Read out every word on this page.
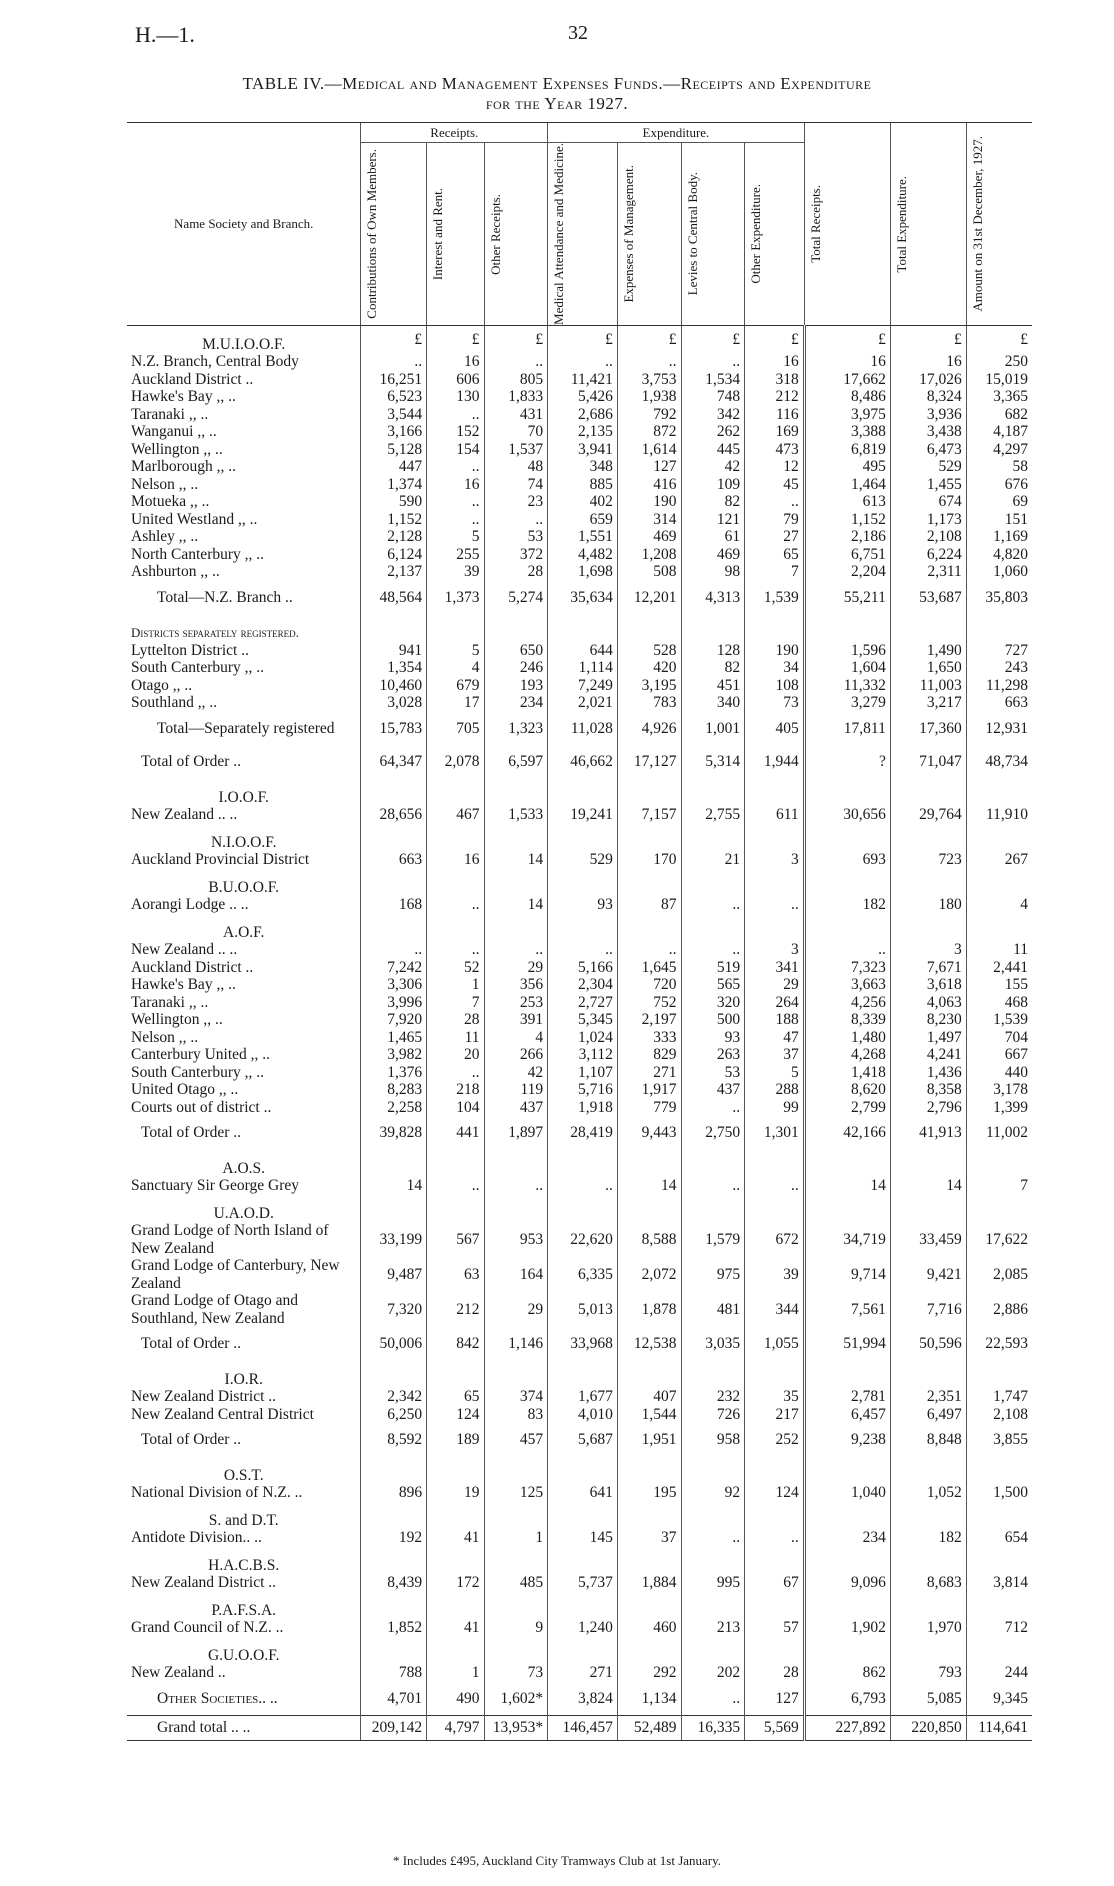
H.—1.	32
TABLE IV.—Medical and Management Expenses Funds.—Receipts and Expenditure
for the Year 1927.
Name Society and Branch.	Receipts.			Expenditure.				Total Receipts.	Total Expenditure.	Amount on 31st December, 1927.

	Contributions of Own Members.	Interest and Rent.	Other Receipts.	Medical Attendance and Medicine.	Expenses of Management.	Levies to Central Body.	Other Expenditure.			

M.U.I.O.O.F.	£	£	£	£	£	£	£	£	£	£
N.Z. Branch, Central Body	..	16	..	..	..	..	16	16	16	250
Auckland District ..	16,251	606	805	11,421	3,753	1,534	318	17,662	17,026	15,019
Hawke's Bay ,, ..	6,523	130	1,833	5,426	1,938	748	212	8,486	8,324	3,365
Taranaki ,, ..	3,544	..	431	2,686	792	342	116	3,975	3,936	682
Wanganui ,, ..	3,166	152	70	2,135	872	262	169	3,388	3,438	4,187
Wellington ,, ..	5,128	154	1,537	3,941	1,614	445	473	6,819	6,473	4,297
Marlborough ,, ..	447	..	48	348	127	42	12	495	529	58
Nelson ,, ..	1,374	16	74	885	416	109	45	1,464	1,455	676
Motueka ,, ..	590	..	23	402	190	82	..	613	674	69
United Westland ,, ..	1,152	..	..	659	314	121	79	1,152	1,173	151
Ashley ,, ..	2,128	5	53	1,551	469	61	27	2,186	2,108	1,169
North Canterbury ,, ..	6,124	255	372	4,482	1,208	469	65	6,751	6,224	4,820
Ashburton ,, ..	2,137	39	28	1,698	508	98	7	2,204	2,311	1,060
Total—N.Z. Branch ..	48,564	1,373	5,274	35,634	12,201	4,313	1,539	55,211	53,687	35,803
Districts separately registered.										
Lyttelton District ..	941	5	650	644	528	128	190	1,596	1,490	727
South Canterbury ,, ..	1,354	4	246	1,114	420	82	34	1,604	1,650	243
Otago ,, ..	10,460	679	193	7,249	3,195	451	108	11,332	11,003	11,298
Southland ,, ..	3,028	17	234	2,021	783	340	73	3,279	3,217	663
Total—Separately registered	15,783	705	1,323	11,028	4,926	1,001	405	17,811	17,360	12,931
Total of Order ..	64,347	2,078	6,597	46,662	17,127	5,314	1,944	?	71,047	48,734
I.O.O.F.										
New Zealand .. ..	28,656	467	1,533	19,241	7,157	2,755	611	30,656	29,764	11,910
N.I.O.O.F.										
Auckland Provincial District	663	16	14	529	170	21	3	693	723	267
B.U.O.O.F.										
Aorangi Lodge .. ..	168	..	14	93	87	..	..	182	180	4
A.O.F.										
New Zealand .. ..	..	..	..	..	..	..	3	..	3	11
Auckland District ..	7,242	52	29	5,166	1,645	519	341	7,323	7,671	2,441
Hawke's Bay ,, ..	3,306	1	356	2,304	720	565	29	3,663	3,618	155
Taranaki ,, ..	3,996	7	253	2,727	752	320	264	4,256	4,063	468
Wellington ,, ..	7,920	28	391	5,345	2,197	500	188	8,339	8,230	1,539
Nelson ,, ..	1,465	11	4	1,024	333	93	47	1,480	1,497	704
Canterbury United ,, ..	3,982	20	266	3,112	829	263	37	4,268	4,241	667
South Canterbury ,, ..	1,376	..	42	1,107	271	53	5	1,418	1,436	440
United Otago ,, ..	8,283	218	119	5,716	1,917	437	288	8,620	8,358	3,178
Courts out of district ..	2,258	104	437	1,918	779	..	99	2,799	2,796	1,399
Total of Order ..	39,828	441	1,897	28,419	9,443	2,750	1,301	42,166	41,913	11,002
A.O.S.										
Sanctuary Sir George Grey	14	..	..	..	14	..	..	14	14	7
U.A.O.D.										
Grand Lodge of North Island of New Zealand	33,199	567	953	22,620	8,588	1,579	672	34,719	33,459	17,622
Grand Lodge of Canterbury, New Zealand	9,487	63	164	6,335	2,072	975	39	9,714	9,421	2,085
Grand Lodge of Otago and Southland, New Zealand	7,320	212	29	5,013	1,878	481	344	7,561	7,716	2,886
Total of Order ..	50,006	842	1,146	33,968	12,538	3,035	1,055	51,994	50,596	22,593
I.O.R.										
New Zealand District ..	2,342	65	374	1,677	407	232	35	2,781	2,351	1,747
New Zealand Central District	6,250	124	83	4,010	1,544	726	217	6,457	6,497	2,108
Total of Order ..	8,592	189	457	5,687	1,951	958	252	9,238	8,848	3,855
O.S.T.										
National Division of N.Z. ..	896	19	125	641	195	92	124	1,040	1,052	1,500
S. and D.T.										
Antidote Division.. ..	192	41	1	145	37	..	..	234	182	654
H.A.C.B.S.										
New Zealand District ..	8,439	172	485	5,737	1,884	995	67	9,096	8,683	3,814
P.A.F.S.A.										
Grand Council of N.Z. ..	1,852	41	9	1,240	460	213	57	1,902	1,970	712
G.U.O.O.F.										
New Zealand ..	788	1	73	271	292	202	28	862	793	244
Other Societies.. ..	4,701	490	1,602*	3,824	1,134	..	127	6,793	5,085	9,345
Grand total .. ..	209,142	4,797	13,953*	146,457	52,489	16,335	5,569	227,892	220,850	114,641
* Includes £495, Auckland City Tramways Club at 1st January.
